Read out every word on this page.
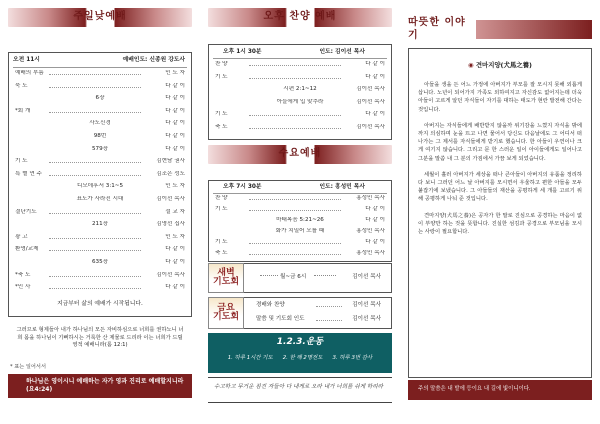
주일낮예배
오전 11시	예배인도: 신종원 강도사
예배의 부름	인 도 자
묵 도	다 같 이
6장	다 같 이
*회 개	다 같 이
사도신경	다 같 이
98번	다 같 이
579장	다 같 이
기 도	김현남 권사
특 별 연 주	김조은 성도
디모데후서 3:1~5	인 도 자
표도가 사라진 시대	김이선 목사
결단기도	설 교 자
211장	김영선 집사
광 고	인 도 자
환영/교제	다 같 이
635장	다 같 이
*축 도	김이선 목사
*인 사	다 같 이
지금부터 삶의 예배가 시작됩니다.
그러므로 형제들아 내가 하나님의 모든 자비하심으로 너희를 권하노니 너희 몸을 하나님이 기뻐하시는 거룩한 산 제물로 드리라 이는 너희가 드릴 영적 예배니라(롬 12:1)
* 표는 일어서서
하나님은 영이시니 예배하는 자가 영과 진리로 예배할지니라 (요4:24)
오후 찬양 예배
오후 1시 30분	인도: 김이선 목사
찬 양	다 같 이
기 도	다 같 이
시편 2:1~12	김이선 목사
아들에게 입 맞추라	김이선 목사
기 도	다 같 이
축 도	김이선 목사
수요예배
오후 7시 30분	인도: 홍성민 목사
찬 양	홍성민 목사
기 도	다 같 이
마태복음 5:21~26	다 같 이
화가 치밀어 오를 때	홍성민 목사
기 도	다 같 이
축 도	홍성민 목사
새벽
기도회	월~금 6시	김이선 목사
금요
기도회
경배와 찬양	김이선 목사
말씀 및 기도회 인도	김이선 목사
1.2.3.운동
1. 하루 1시간 기도 2. 한 해 2명전도 3. 하루 3번 감사
수고하고 무거운 짐진 자들아 다 내게로 오라 내가 너희를 쉬게 하리라
따뜻한 이야기
◉ 견마지양(犬馬之養)
아들을 생을 든 어느 가정에 아버지가 부모를 잘 모시지 못해 외롭게 삽니다. 노년이 되어가지 가족도 외하여지고 자신감도 없어지는데 더욱 아들이 고르게 알던 자식들이 자기를 대하는 태도가 현란 발전해 간다는 것입니다.
아버지는 자식들에게 배반받지 않을까 위기감을 느꼈지 자식을 밖에까지 의심하며 눈을 뜨고 나면 물어서 당신도 다음날에도 그 어디서 떠나가는 그 제서를 자식들에게 받기로 했습니다. 한 아들이 우연이나 크게 여기지 않습니다. 그리고 문 한 스러운 일이 아이들에게도 일어나고 그분을 말씀 내 그 분의 가짐에서 가끔 보게 되었습니다.
세월이 흘러 아버지가 세상을 떠나 큰아들이 아버지의 유품을 정리하다 보니 그러던 어느 날 아버지를 모시면서 우울하고 편한 아들을 모두 붙잡기에 보냈습니다. 그 아들들의 재산을 공평하게 세 개를 고르기 위해 공평하게 나눠 준 것입니다.
견마지양(犬馬之養)은 공자가 한 말로 진심으로 공경하는 마음이 없이 부양만 하는 것을 뜻합니다. 진실한 섬김과 공경으로 부모님을 모시는 사랑이 필요합니다.
주의 말씀은 내 발에 등이요 내 길에 빛이니이다.
